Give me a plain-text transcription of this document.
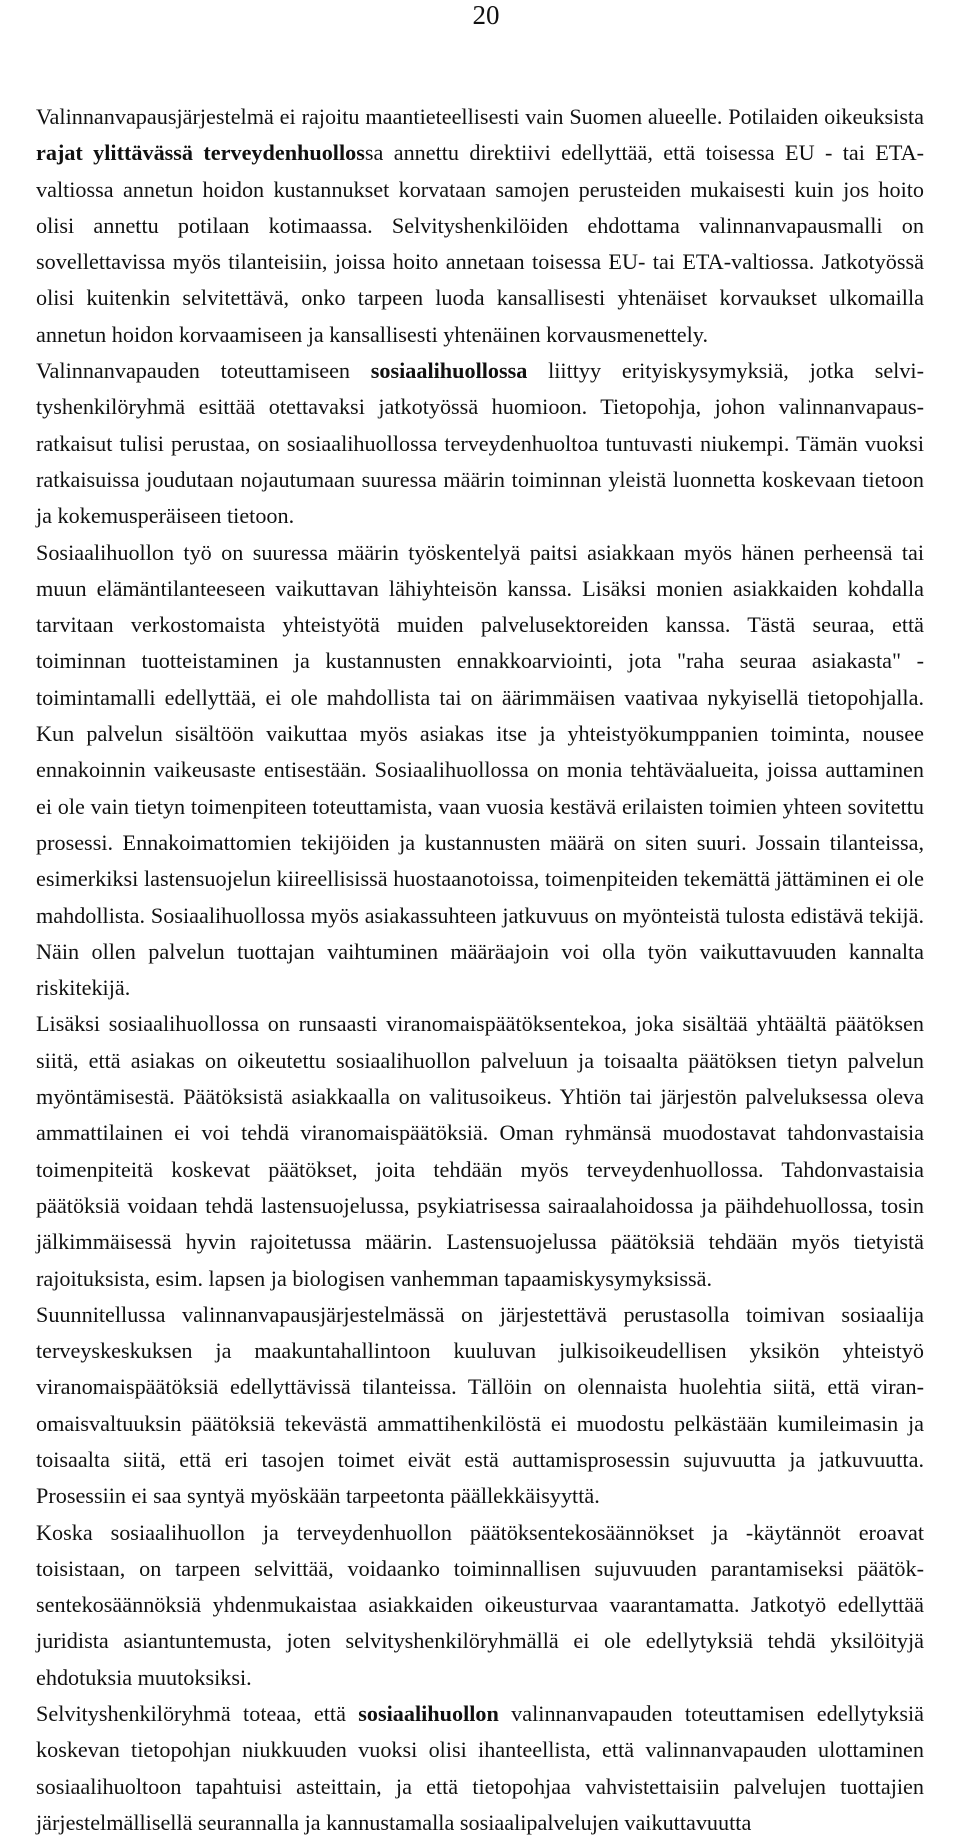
20

Valinnanvapausjärjestelmä ei rajoitu maantieteellisesti vain Suomen alueelle. Potilaiden oikeuksista rajat ylittävässä terveydenhuollossa annettu direktiivi edellyttää, että toisessa EU - tai ETA-valtiossa annetun hoidon kustannukset korvataan samojen perusteiden mukaisesti kuin jos hoito olisi annettu potilaan kotimaassa. Selvityshenkilöiden ehdottama valinnanvapausmalli on sovellettavissa myös tilanteisiin, joissa hoito annetaan toisessa EU- tai ETA-valtiossa. Jatkotyössä olisi kuitenkin selvitettävä, onko tarpeen luoda kansallisesti yhtenäiset korvaukset ulkomailla annetun hoidon korvaamiseen ja kansallisesti yhtenäinen korvausmenettely.

Valinnanvapauden toteuttamiseen sosiaalihuollossa liittyy erityiskysymyksiä, jotka selvityshenkilöryhmä esittää otettavaksi jatkotyössä huomioon. Tietopohja, johon valinnanvapausratkaisut tulisi perustaa, on sosiaalihuollossa terveydenhuoltoa tuntuvasti niukempi. Tämän vuoksi ratkaisuissa joudutaan nojautumaan suuressa määrin toiminnan yleistä luonnetta koskevaan tietoon ja kokemusperäiseen tietoon.

Sosiaalihuollon työ on suuressa määrin työskentelyä paitsi asiakkaan myös hänen perheensä tai muun elämäntilanteeseen vaikuttavan lähiyhteisön kanssa. Lisäksi monien asiakkaiden kohdalla tarvitaan verkostomaista yhteistyötä muiden palvelusektoreiden kanssa. Tästä seuraa, että toiminnan tuotteistaminen ja kustannusten ennakkoarviointi, jota "raha seuraa asiakasta" -toimintamalli edellyttää, ei ole mahdollista tai on äärimmäisen vaativaa nykyisellä tietopohjalla. Kun palvelun sisältöön vaikuttaa myös asiakas itse ja yhteistyökumppanien toiminta, nousee ennakoinnin vaikeusaste entisestään. Sosiaalihuollossa on monia tehtäväalueita, joissa auttaminen ei ole vain tietyn toimenpiteen toteuttamista, vaan vuosia kestävä erilaisten toimien yhteen sovitettu prosessi. Ennakoimattomien tekijöiden ja kustannusten määrä on siten suuri. Jossain tilanteissa, esimerkiksi lastensuojelun kiireellisissä huostaanotoissa, toimenpiteiden tekemättä jättäminen ei ole mahdollista. Sosiaalihuollossa myös asiakassuhteen jatkuvuus on myönteistä tulosta edistävä tekijä. Näin ollen palvelun tuottajan vaihtuminen määräajoin voi olla työn vaikuttavuuden kannalta riskitekijä.

Lisäksi sosiaalihuollossa on runsaasti viranomaispäätöksentekoa, joka sisältää yhtäältä päätöksen siitä, että asiakas on oikeutettu sosiaalihuollon palveluun ja toisaalta päätöksen tietyn palvelun myöntämisestä. Päätöksistä asiakkaalla on valitusoikeus. Yhtiön tai järjestön palveluksessa oleva ammattilainen ei voi tehdä viranomaispäätöksiä. Oman ryhmänsä muodostavat tahdonvastaisia toimenpiteitä koskevat päätökset, joita tehdään myös terveydenhuollossa. Tahdonvastaisia päätöksiä voidaan tehdä lastensuojelussa, psykiatrisessa sairaalahoidossa ja päihdehuollossa, tosin jälkimmäisessä hyvin rajoitetussa määrin. Lastensuojelussa päätöksiä tehdään myös tietyistä rajoituksista, esim. lapsen ja biologisen vanhemman tapaamiskysymyksissä.

Suunnitellussa valinnanvapausjärjestelmässä on järjestettävä perustasolla toimivan sosiaalija terveyskeskuksen ja maakuntahallintoon kuuluvan julkisoikeudellisen yksikön yhteistyö viranomaispäätöksiä edellyttävissä tilanteissa. Tällöin on olennaista huolehtia siitä, että viranomaisvaltuuksin päätöksiä tekevästä ammattihenkilöstä ei muodostu pelkästään kumileimasin ja toisaalta siitä, että eri tasojen toimet eivät estä auttamisprosessin sujuvuutta ja jatkuvuutta. Prosessiin ei saa syntyä myöskään tarpeetonta päällekkäisyyttä.

Koska sosiaalihuollon ja terveydenhuollon päätöksentekosäännökset ja -käytännöt eroavat toisistaan, on tarpeen selvittää, voidaanko toiminnallisen sujuvuuden parantamiseksi päätöksentekosäännöksiä yhdenmukaistaa asiakkaiden oikeusturvaa vaarantamatta. Jatkotyö edellyttää juridista asiantuntemusta, joten selvityshenkilöryhmällä ei ole edellytyksiä tehdä yksilöityjä ehdotuksia muutoksiksi.

Selvityshenkilöryhmä toteaa, että sosiaalihuollon valinnanvapauden toteuttamisen edellytyksiä koskevan tietopohjan niukkuuden vuoksi olisi ihanteellista, että valinnanvapauden ulottaminen sosiaalihuoltoon tapahtuisi asteittain, ja että tietopohjaa vahvistettaisiin palvelujen tuottajien järjestelmällisellä seurannalla ja kannustamalla sosiaalipalvelujen vaikuttavuutta
